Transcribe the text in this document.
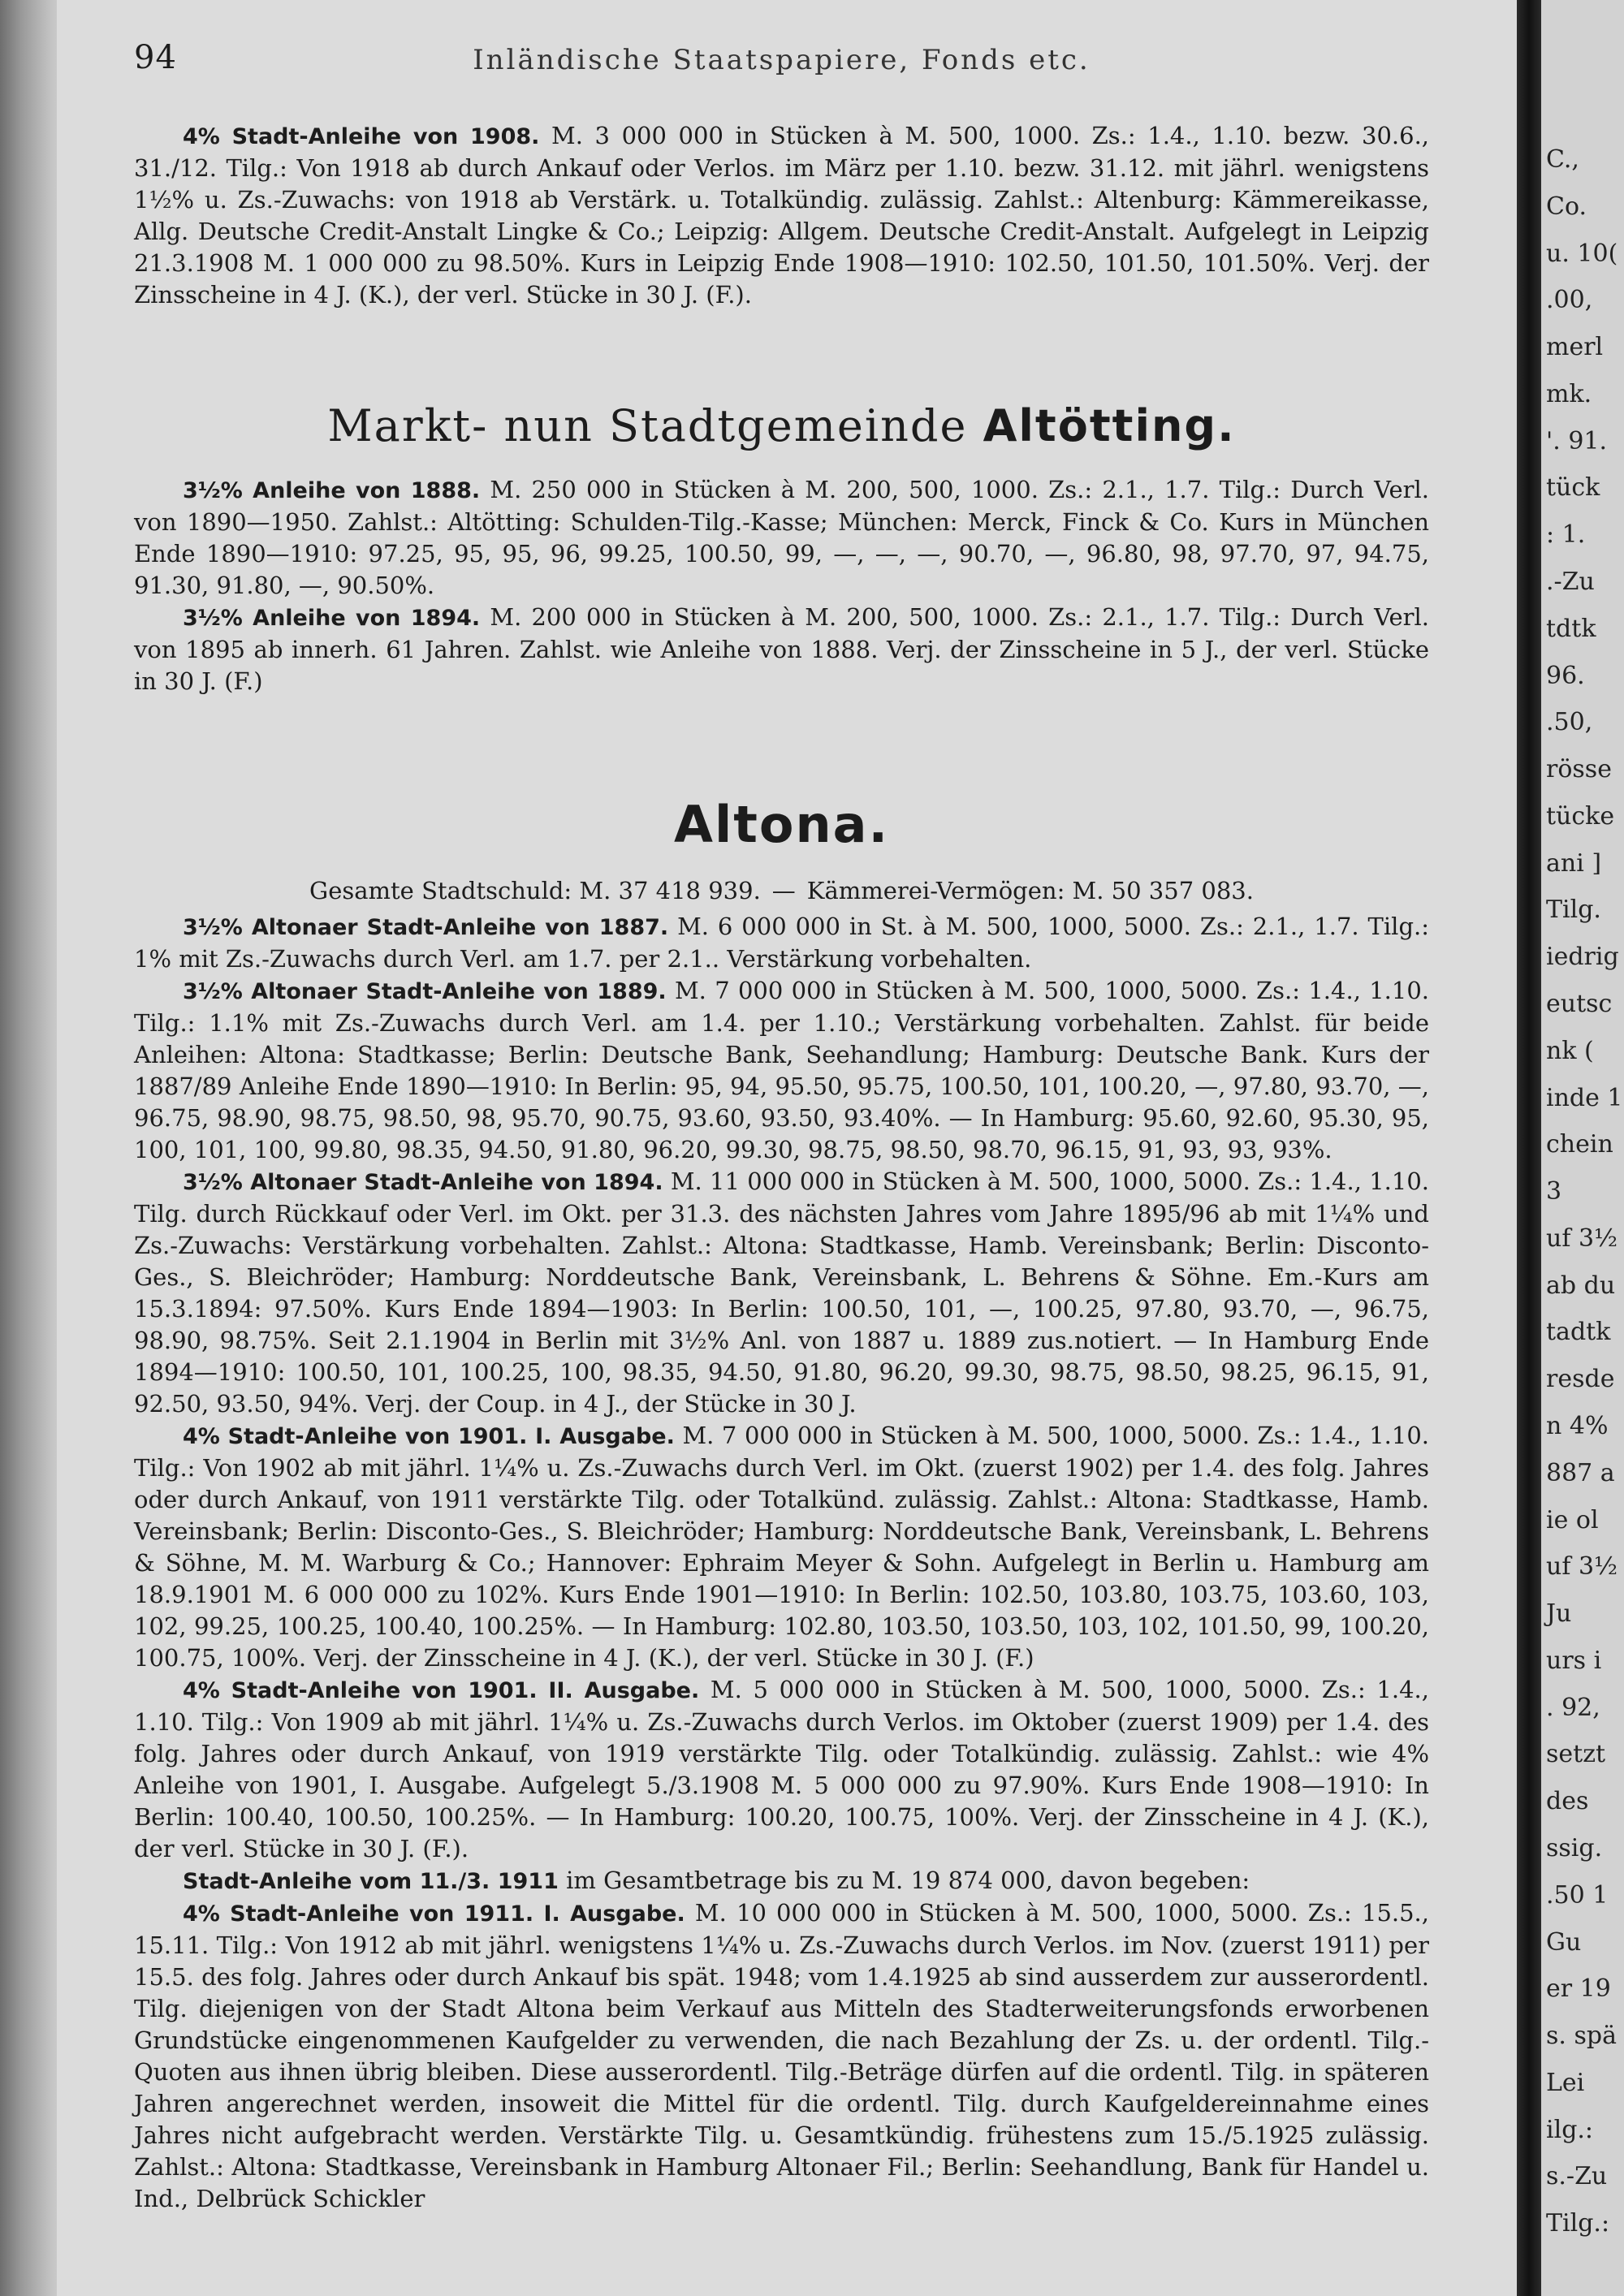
94	Inländische Staatspapiere, Fonds etc.

4% Stadt-Anleihe von 1908. M. 3 000 000 in Stücken à M. 500, 1000. Zs.: 1.4., 1.10. bezw. 30.6., 31./12. Tilg.: Von 1918 ab durch Ankauf oder Verlos. im März per 1.10. bezw. 31.12. mit jährl. wenigstens 1½% u. Zs.-Zuwachs: von 1918 ab Verstärk. u. Totalkündig. zulässig. Zahlst.: Altenburg: Kämmereikasse, Allg. Deutsche Credit-Anstalt Lingke & Co.; Leipzig: Allgem. Deutsche Credit-Anstalt. Aufgelegt in Leipzig 21.3.1908 M. 1 000 000 zu 98.50%. Kurs in Leipzig Ende 1908—1910: 102.50, 101.50, 101.50%. Verj. der Zinsscheine in 4 J. (K.), der verl. Stücke in 30 J. (F.).

Markt- nun Stadtgemeinde Altötting.

3½% Anleihe von 1888. M. 250 000 in Stücken à M. 200, 500, 1000. Zs.: 2.1., 1.7. Tilg.: Durch Verl. von 1890—1950. Zahlst.: Altötting: Schulden-Tilg.-Kasse; München: Merck, Finck & Co. Kurs in München Ende 1890—1910: 97.25, 95, 95, 96, 99.25, 100.50, 99, —, —, —, 90.70, —, 96.80, 98, 97.70, 97, 94.75, 91.30, 91.80, —, 90.50%.

3½% Anleihe von 1894. M. 200 000 in Stücken à M. 200, 500, 1000. Zs.: 2.1., 1.7. Tilg.: Durch Verl. von 1895 ab innerh. 61 Jahren. Zahlst. wie Anleihe von 1888. Verj. der Zinsscheine in 5 J., der verl. Stücke in 30 J. (F.)

Altona.
Gesamte Stadtschuld: M. 37 418 939. — Kämmerei-Vermögen: M. 50 357 083.

3½% Altonaer Stadt-Anleihe von 1887. M. 6 000 000 in St. à M. 500, 1000, 5000. Zs.: 2.1., 1.7. Tilg.: 1% mit Zs.-Zuwachs durch Verl. am 1.7. per 2.1.. Verstärkung vorbehalten.

3½% Altonaer Stadt-Anleihe von 1889. M. 7 000 000 in Stücken à M. 500, 1000, 5000. Zs.: 1.4., 1.10. Tilg.: 1.1% mit Zs.-Zuwachs durch Verl. am 1.4. per 1.10.; Verstärkung vorbehalten. Zahlst. für beide Anleihen: Altona: Stadtkasse; Berlin: Deutsche Bank, Seehandlung; Hamburg: Deutsche Bank. Kurs der 1887/89 Anleihe Ende 1890—1910: In Berlin: 95, 94, 95.50, 95.75, 100.50, 101, 100.20, —, 97.80, 93.70, —, 96.75, 98.90, 98.75, 98.50, 98, 95.70, 90.75, 93.60, 93.50, 93.40%. — In Hamburg: 95.60, 92.60, 95.30, 95, 100, 101, 100, 99.80, 98.35, 94.50, 91.80, 96.20, 99.30, 98.75, 98.50, 98.70, 96.15, 91, 93, 93, 93%.

3½% Altonaer Stadt-Anleihe von 1894. M. 11 000 000 in Stücken à M. 500, 1000, 5000. Zs.: 1.4., 1.10. Tilg. durch Rückkauf oder Verl. im Okt. per 31.3. des nächsten Jahres vom Jahre 1895/96 ab mit 1¼% und Zs.-Zuwachs: Verstärkung vorbehalten. Zahlst.: Altona: Stadtkasse, Hamb. Vereinsbank; Berlin: Disconto-Ges., S. Bleichröder; Hamburg: Norddeutsche Bank, Vereinsbank, L. Behrens & Söhne. Em.-Kurs am 15.3.1894: 97.50%. Kurs Ende 1894—1903: In Berlin: 100.50, 101, —, 100.25, 97.80, 93.70, —, 96.75, 98.90, 98.75%. Seit 2.1.1904 in Berlin mit 3½% Anl. von 1887 u. 1889 zus.notiert. — In Hamburg Ende 1894—1910: 100.50, 101, 100.25, 100, 98.35, 94.50, 91.80, 96.20, 99.30, 98.75, 98.50, 98.25, 96.15, 91, 92.50, 93.50, 94%. Verj. der Coup. in 4 J., der Stücke in 30 J.

4% Stadt-Anleihe von 1901. I. Ausgabe. M. 7 000 000 in Stücken à M. 500, 1000, 5000. Zs.: 1.4., 1.10. Tilg.: Von 1902 ab mit jährl. 1¼% u. Zs.-Zuwachs durch Verl. im Okt. (zuerst 1902) per 1.4. des folg. Jahres oder durch Ankauf, von 1911 verstärkte Tilg. oder Totalkünd. zulässig. Zahlst.: Altona: Stadtkasse, Hamb. Vereinsbank; Berlin: Disconto-Ges., S. Bleichröder; Hamburg: Norddeutsche Bank, Vereinsbank, L. Behrens & Söhne, M. M. Warburg & Co.; Hannover: Ephraim Meyer & Sohn. Aufgelegt in Berlin u. Hamburg am 18.9.1901 M. 6 000 000 zu 102%. Kurs Ende 1901—1910: In Berlin: 102.50, 103.80, 103.75, 103.60, 103, 102, 99.25, 100.25, 100.40, 100.25%. — In Hamburg: 102.80, 103.50, 103.50, 103, 102, 101.50, 99, 100.20, 100.75, 100%. Verj. der Zinsscheine in 4 J. (K.), der verl. Stücke in 30 J. (F.)

4% Stadt-Anleihe von 1901. II. Ausgabe. M. 5 000 000 in Stücken à M. 500, 1000, 5000. Zs.: 1.4., 1.10. Tilg.: Von 1909 ab mit jährl. 1¼% u. Zs.-Zuwachs durch Verlos. im Oktober (zuerst 1909) per 1.4. des folg. Jahres oder durch Ankauf, von 1919 verstärkte Tilg. oder Totalkündig. zulässig. Zahlst.: wie 4% Anleihe von 1901, I. Ausgabe. Aufgelegt 5./3.1908 M. 5 000 000 zu 97.90%. Kurs Ende 1908—1910: In Berlin: 100.40, 100.50, 100.25%. — In Hamburg: 100.20, 100.75, 100%. Verj. der Zinsscheine in 4 J. (K.), der verl. Stücke in 30 J. (F.).

Stadt-Anleihe vom 11./3. 1911 im Gesamtbetrage bis zu M. 19 874 000, davon begeben:

4% Stadt-Anleihe von 1911. I. Ausgabe. M. 10 000 000 in Stücken à M. 500, 1000, 5000. Zs.: 15.5., 15.11. Tilg.: Von 1912 ab mit jährl. wenigstens 1¼% u. Zs.-Zuwachs durch Verlos. im Nov. (zuerst 1911) per 15.5. des folg. Jahres oder durch Ankauf bis spät. 1948; vom 1.4.1925 ab sind ausserdem zur ausserordentl. Tilg. diejenigen von der Stadt Altona beim Verkauf aus Mitteln des Stadterweiterungsfonds erworbenen Grundstücke eingenommenen Kaufgelder zu verwenden, die nach Bezahlung der Zs. u. der ordentl. Tilg.-Quoten aus ihnen übrig bleiben. Diese ausserordentl. Tilg.-Beträge dürfen auf die ordentl. Tilg. in späteren Jahren angerechnet werden, insoweit die Mittel für die ordentl. Tilg. durch Kaufgeldereinnahme eines Jahres nicht aufgebracht werden. Verstärkte Tilg. u. Gesamtkündig. frühestens zum 15./5.1925 zulässig. Zahlst.: Altona: Stadtkasse, Vereinsbank in Hamburg Altonaer Fil.; Berlin: Seehandlung, Bank für Handel u. Ind., Delbrück Schickler

C.,
Co.
u. 10(
.00,
merl
mk.
'. 91.
tück
: 1.
.-Zu
tdtk
96.
.50,
rösse
tücke
ani ]
Tilg.
iedrig
eutsc
nk (
inde 1
chein
3
uf 3½
ab du
tadtk
resde
n 4%
887 a
ie ol
uf 3½
Ju
urs i
. 92,
setzt
des
ssig.
.50 1
Gu
er 19
s. spä
Lei
ilg.:
s.-Zu
Tilg.:
